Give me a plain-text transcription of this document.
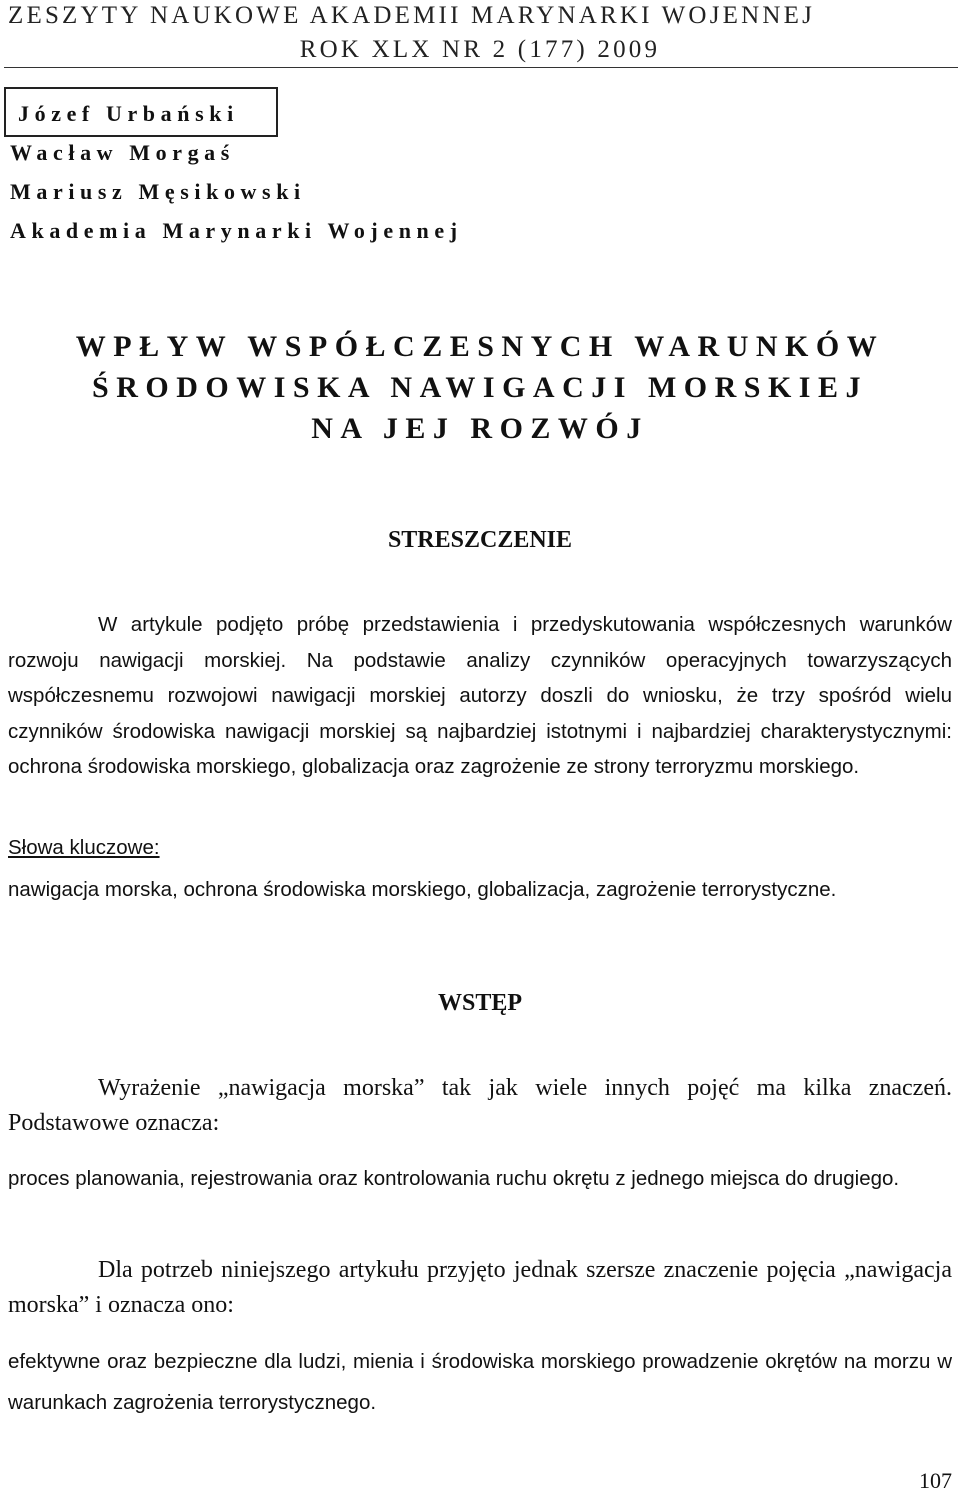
ZESZYTY NAUKOWE AKADEMII MARYNARKI WOJENNEJ
ROK XLX NR 2 (177) 2009
Józef Urbański
Wacław Morgaś
Mariusz Męsikowski
Akademia Marynarki Wojennej
WPŁYW WSPÓŁCZESNYCH WARUNKÓW
ŚRODOWISKA NAWIGACJI MORSKIEJ
NA JEJ ROZWÓJ
STRESZCZENIE

W artykule podjęto próbę przedstawienia i przedyskutowania współczesnych warunków rozwoju nawigacji morskiej. Na podstawie analizy czynników operacyjnych towarzyszących współczesnemu rozwojowi nawigacji morskiej autorzy doszli do wniosku, że trzy spośród wielu czynników środowiska nawigacji morskiej są najbardziej istotnymi i najbardziej charakterystycznymi: ochrona środowiska morskiego, globalizacja oraz zagrożenie ze strony terroryzmu morskiego.

Słowa kluczowe:
nawigacja morska, ochrona środowiska morskiego, globalizacja, zagrożenie terrorystyczne.
WSTĘP

Wyrażenie „nawigacja morska” tak jak wiele innych pojęć ma kilka znaczeń. Podstawowe oznacza:

proces planowania, rejestrowania oraz kontrolowania ruchu okrętu z jednego miejsca do drugiego.

Dla potrzeb niniejszego artykułu przyjęto jednak szersze znaczenie pojęcia „nawigacja morska” i oznacza ono:

efektywne oraz bezpieczne dla ludzi, mienia i środowiska morskiego prowadzenie okrętów na morzu w warunkach zagrożenia terrorystycznego.

107
